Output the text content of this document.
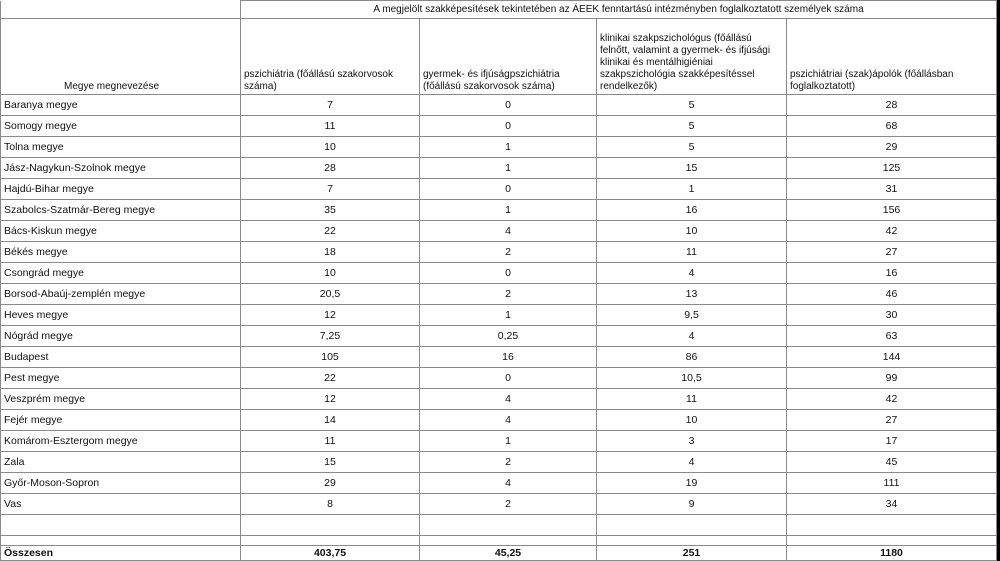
	A megjelölt szakképesítések tekintetében az ÁEEK fenntartású intézményben foglalkoztatott személyek száma			

Megye megnevezése	pszichiátria (főállású szakorvosok száma)	gyermek- és ifjúságpszichiátria (főállású szakorvosok száma)	klinikai szakpszichológus (főállású felnőtt, valamint a gyermek- és ifjúsági klinikai és mentálhigiéniai szakpszichológia szakképesítéssel rendelkezők)	pszichiátriai (szak)ápolók (főállásban foglalkoztatott)
Baranya megye	7	0	5	28
Somogy megye	11	0	5	68
Tolna megye	10	1	5	29
Jász-Nagykun-Szolnok megye	28	1	15	125
Hajdú-Bihar megye	7	0	1	31
Szabolcs-Szatmár-Bereg megye	35	1	16	156
Bács-Kiskun megye	22	4	10	42
Békés megye	18	2	11	27
Csongrád megye	10	0	4	16
Borsod-Abaúj-zemplén megye	20,5	2	13	46
Heves megye	12	1	9,5	30
Nógrád megye	7,25	0,25	4	63
Budapest	105	16	86	144
Pest megye	22	0	10,5	99
Veszprém megye	12	4	11	42
Fejér megye	14	4	10	27
Komárom-Esztergom megye	11	1	3	17
Zala	15	2	4	45
Győr-Moson-Sopron	29	4	19	111
Vas	8	2	9	34

Összesen	403,75	45,25	251	1180
